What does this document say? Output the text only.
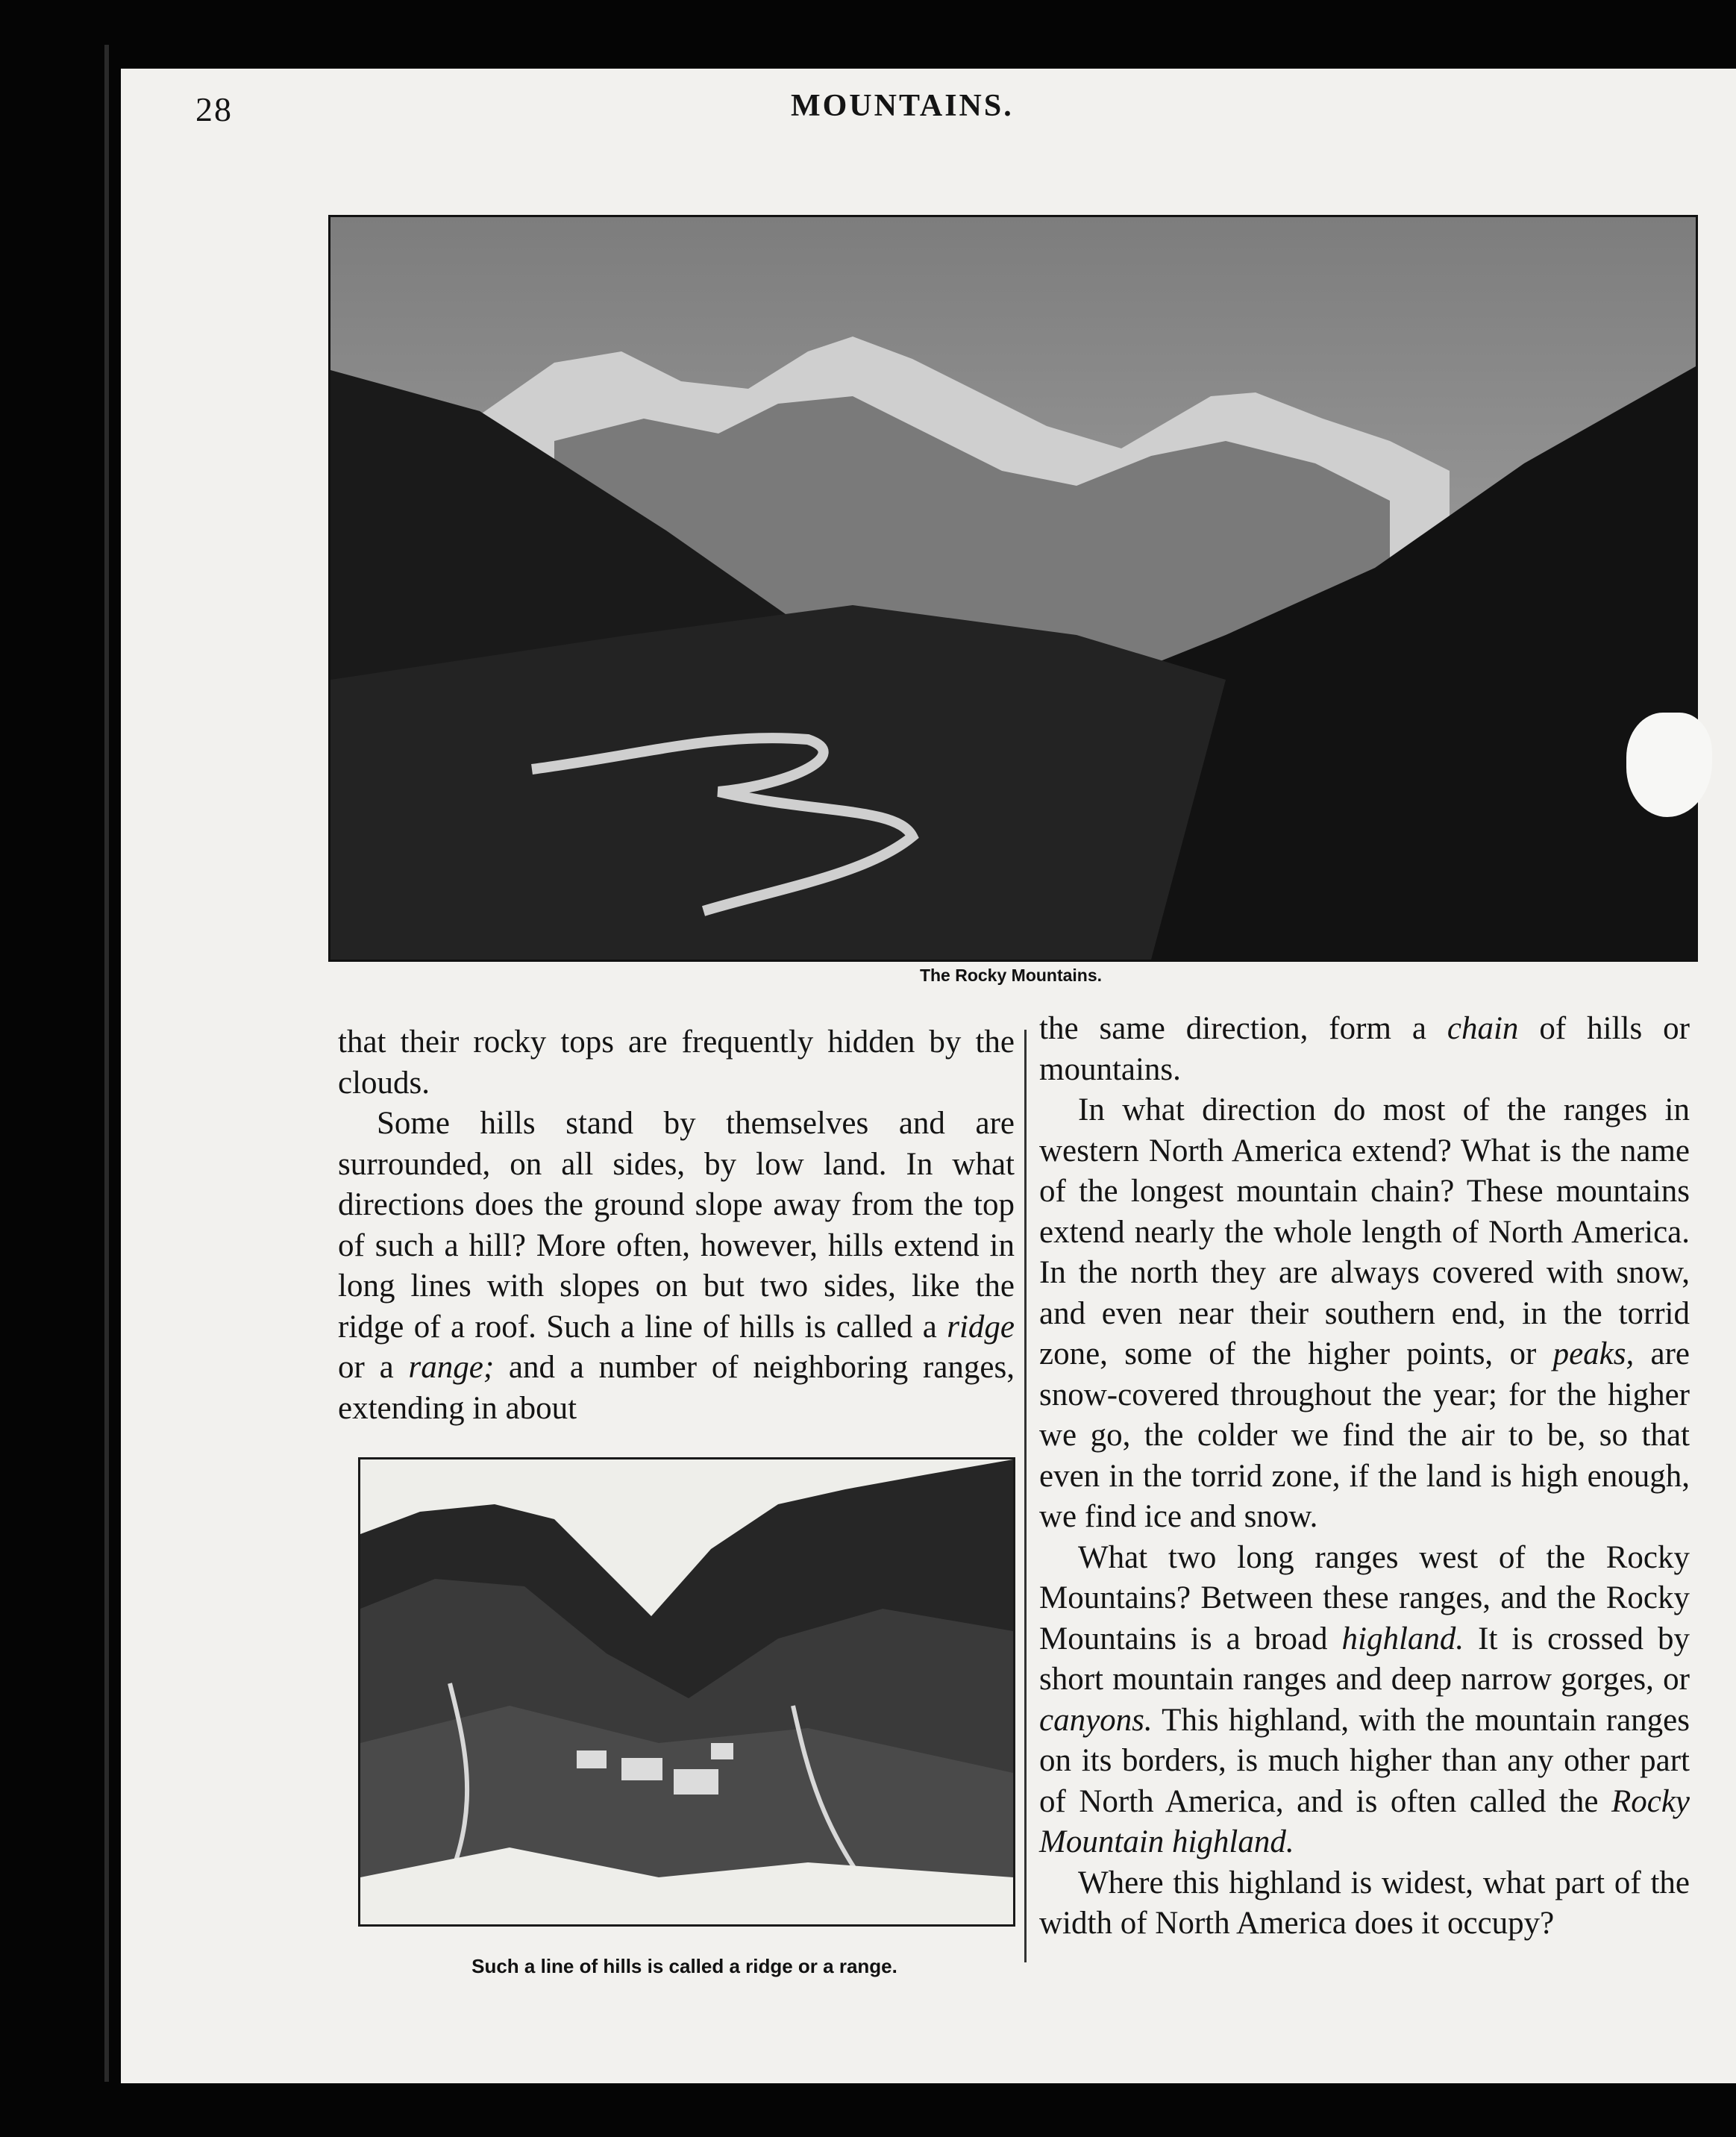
28	MOUNTAINS.
The Rocky Mountains.

that their rocky tops are frequently hidden by the clouds.

Some hills stand by themselves and are surrounded, on all sides, by low land. In what directions does the ground slope away from the top of such a hill? More often, however, hills extend in long lines with slopes on but two sides, like the ridge of a roof. Such a line of hills is called a ridge or a range; and a number of neighboring ranges, extending in about

Such a line of hills is called a ridge or a range.

the same direction, form a chain of hills or mountains.

In what direction do most of the ranges in western North America extend? What is the name of the longest mountain chain? These mountains extend nearly the whole length of North America. In the north they are always covered with snow, and even near their southern end, in the torrid zone, some of the higher points, or peaks, are snow-covered throughout the year; for the higher we go, the colder we find the air to be, so that even in the torrid zone, if the land is high enough, we find ice and snow.

What two long ranges west of the Rocky Mountains? Between these ranges, and the Rocky Mountains is a broad highland. It is crossed by short mountain ranges and deep narrow gorges, or canyons. This highland, with the mountain ranges on its borders, is much higher than any other part of North America, and is often called the Rocky Mountain highland.

Where this highland is widest, what part of the width of North America does it occupy?
